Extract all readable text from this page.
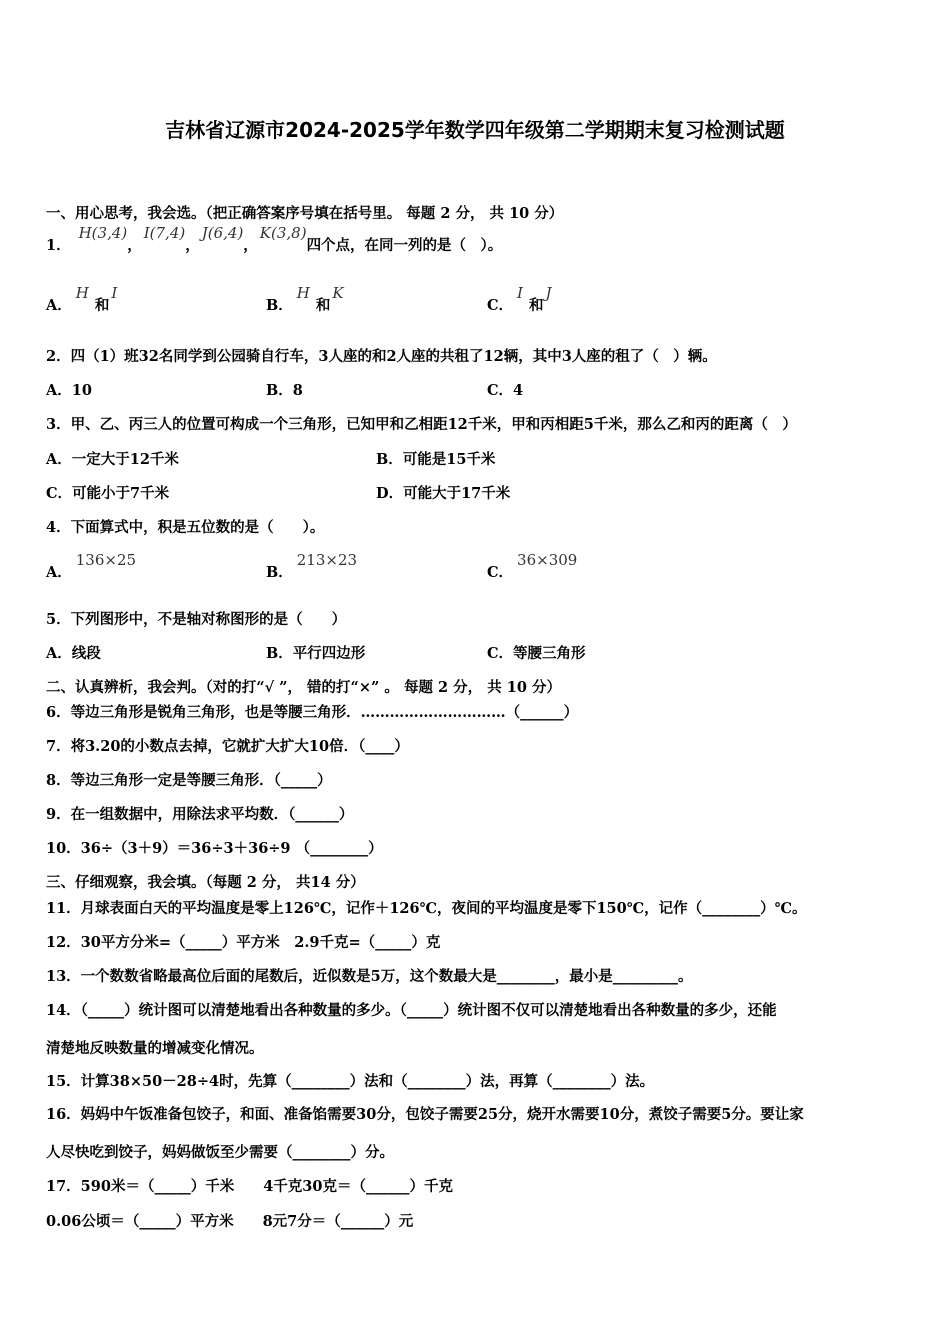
吉林省辽源市2024-2025学年数学四年级第二学期期末复习检测试题
一、用心思考，我会选。（把正确答案序号填在括号里。 每题 2 分， 共 10 分）
1．H(3,4)，I(7,4)，J(6,4)，K(3,8)四个点，在同一列的是（　）。
A．H和I
B．H和K
C．I和J
2．四（1）班32名同学到公园骑自行车，3人座的和2人座的共租了12辆，其中3人座的租了（　）辆。
A．10	B．8	C．4
3．甲、乙、丙三人的位置可构成一个三角形，已知甲和乙相距12千米，甲和丙相距5千米，那么乙和丙的距离（　）
A．一定大于12千米	B．可能是15千米
C．可能小于7千米	D．可能大于17千米
4．下面算式中，积是五位数的是（　　）。
A．136×25
B．213×23
C．36×309
5．下列图形中，不是轴对称图形的是（　　）
A．线段	B．平行四边形	C．等腰三角形
二、认真辨析，我会判。（对的打“√ ”， 错的打“×” 。 每题 2 分， 共 10 分）
6．等边三角形是锐角三角形，也是等腰三角形．…………………………（______）
7．将3.20的小数点去掉，它就扩大扩大10倍．（____）
8．等边三角形一定是等腰三角形．（_____）
9．在一组数据中，用除法求平均数．（______）
10．36÷（3＋9）＝36÷3＋36÷9 （________）
三、仔细观察，我会填。（每题 2 分， 共14 分）
11．月球表面白天的平均温度是零上126℃，记作＋126℃，夜间的平均温度是零下150℃，记作（________）℃。
12．30平方分米=（_____）平方米　2.9千克=（_____）克
13．一个数数省略最高位后面的尾数后，近似数是5万，这个数最大是________，最小是_________。
14．（_____）统计图可以清楚地看出各种数量的多少。（_____）统计图不仅可以清楚地看出各种数量的多少，还能
清楚地反映数量的增减变化情况。
15．计算38×50－28÷4时，先算（________）法和（________）法，再算（________）法。
16．妈妈中午饭准备包饺子，和面、准备馅需要30分，包饺子需要25分，烧开水需要10分，煮饺子需要5分。要让家
人尽快吃到饺子，妈妈做饭至少需要（________）分。
17．590米＝（_____）千米　　4千克30克＝（______）千克
0.06公顷＝（_____）平方米　　8元7分＝（______）元
